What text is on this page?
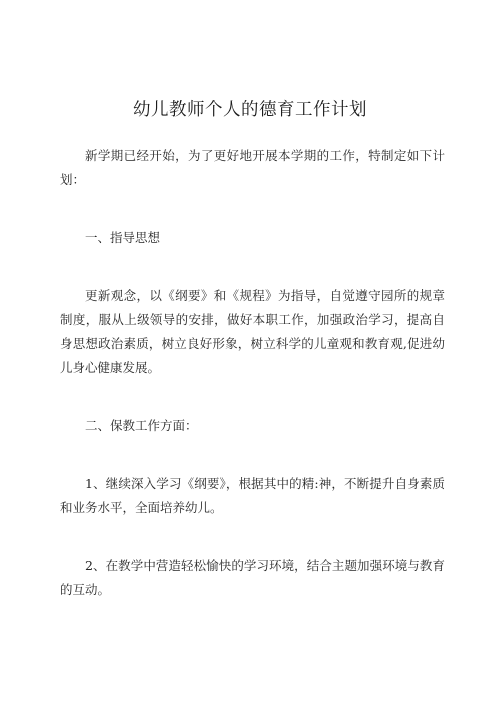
幼儿教师个人的德育工作计划

新学期已经开始，为了更好地开展本学期的工作，特制定如下计划：

一、指导思想

更新观念，以《纲要》和《规程》为指导，自觉遵守园所的规章制度，服从上级领导的安排，做好本职工作，加强政治学习，提高自身思想政治素质，树立良好形象，树立科学的儿童观和教育观,促进幼儿身心健康发展。

二、保教工作方面：

1、继续深入学习《纲要》，根据其中的精:神，不断提升自身素质和业务水平，全面培养幼儿。

2、在教学中营造轻松愉快的学习环境，结合主题加强环境与教育的互动。
